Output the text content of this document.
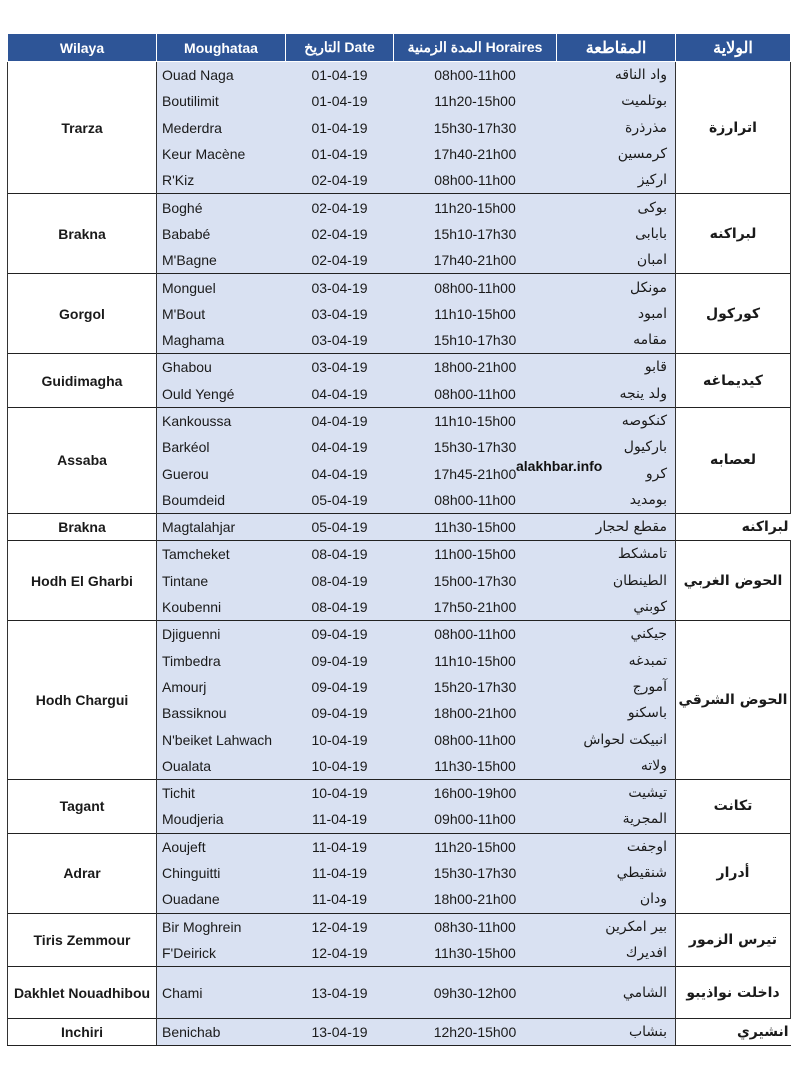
Wilaya	Moughataa	التاريخ Date	المدة الزمنية Horaires	المقاطعة	الولاية
Trarza	Ouad Naga	01-04-19	08h00-11h00	واد الناقه	اترارزة
	Boutilimit	01-04-19	11h20-15h00	بوتلميت	
	Mederdra	01-04-19	15h30-17h30	مذرذرة	
	Keur Macène	01-04-19	17h40-21h00	كرمسين	
	R'Kiz	02-04-19	08h00-11h00	اركيز	
Brakna	Boghé	02-04-19	11h20-15h00	بوكى	لبراكنه
	Bababé	02-04-19	15h10-17h30	بابابى	
	M'Bagne	02-04-19	17h40-21h00	امبان	
Gorgol	Monguel	03-04-19	08h00-11h00	مونكل	كوركول
	M'Bout	03-04-19	11h10-15h00	امبود	
	Maghama	03-04-19	15h10-17h30	مقامه	
Guidimagha	Ghabou	03-04-19	18h00-21h00	قابو	كيديماغه
	Ould Yengé	04-04-19	08h00-11h00	ولد ينجه	
Assaba	Kankoussa	04-04-19	11h10-15h00	كنكوصه	لعصابه
	Barkéol	04-04-19	15h30-17h30	باركيول	
	Guerou	04-04-19	17h45-21h00	كرو	
	Boumdeid	05-04-19	08h00-11h00	بومديد	
Brakna	Magtalahjar	05-04-19	11h30-15h00	مقطع لحجار	لبراكنه
Hodh El Gharbi	Tamcheket	08-04-19	11h00-15h00	تامشكط	الحوض الغربي
	Tintane	08-04-19	15h00-17h30	الطينطان	
	Koubenni	08-04-19	17h50-21h00	كوبني	
Hodh Chargui	Djiguenni	09-04-19	08h00-11h00	جيكني	الحوض الشرقي
	Timbedra	09-04-19	11h10-15h00	تمبدغه	
	Amourj	09-04-19	15h20-17h30	آمورج	
	Bassiknou	09-04-19	18h00-21h00	باسكنو	
	N'beiket Lahwach	10-04-19	08h00-11h00	انبيكت لحواش	
	Oualata	10-04-19	11h30-15h00	ولاته	
Tagant	Tichit	10-04-19	16h00-19h00	تيشيت	تكانت
	Moudjeria	11-04-19	09h00-11h00	المجرية	
Adrar	Aoujeft	11-04-19	11h20-15h00	اوجفت	أدرار
	Chinguitti	11-04-19	15h30-17h30	شنقيطي	
	Ouadane	11-04-19	18h00-21h00	ودان	
Tiris Zemmour	Bir Moghrein	12-04-19	08h30-11h00	بير امكرين	تيرس الزمور
	F'Deirick	12-04-19	11h30-15h00	افديرك	
Dakhlet Nouadhibou	Chami	13-04-19	09h30-12h00	الشامي	داخلت نواذيبو
Inchiri	Benichab	13-04-19	12h20-15h00	بنشاب	انشيري
alakhbar.info
